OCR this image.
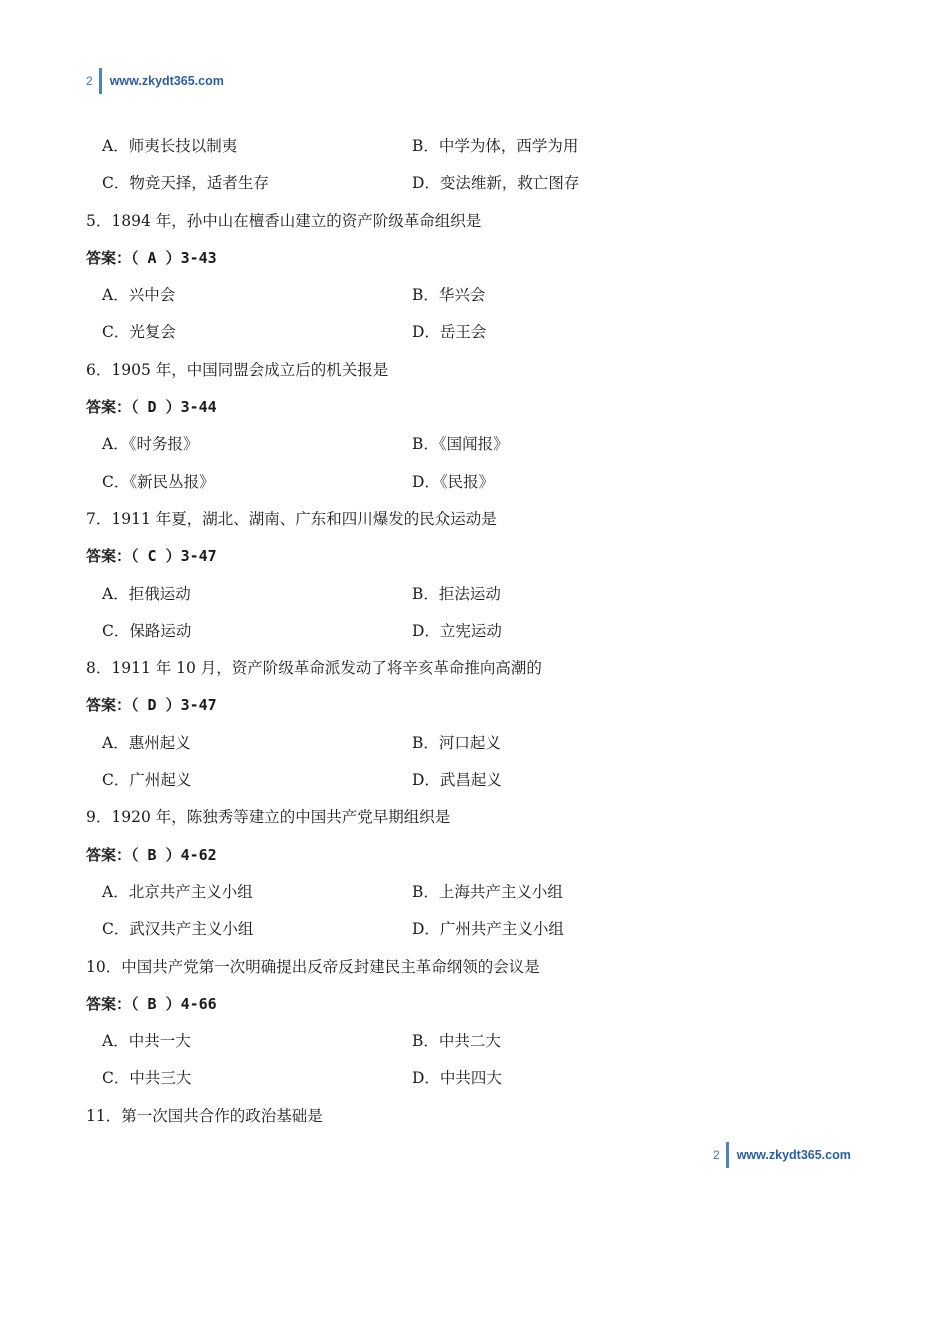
2 www.zkydt365.com
A．师夷长技以制夷	B．中学为体，西学为用
C．物竞天择，适者生存	D．变法维新，救亡图存
5．1894 年，孙中山在檀香山建立的资产阶级革命组织是
答案：（ A ）3-43
A．兴中会	B．华兴会
C．光复会	D．岳王会
6．1905 年，中国同盟会成立后的机关报是
答案：（ D ）3-44
A．《时务报》	B．《国闻报》
C．《新民丛报》	D．《民报》
7．1911 年夏，湖北、湖南、广东和四川爆发的民众运动是
答案：（ C ）3-47
A．拒俄运动	B．拒法运动
C．保路运动	D．立宪运动
8．1911 年 10 月，资产阶级革命派发动了将辛亥革命推向高潮的
答案：（ D ）3-47
A．惠州起义	B．河口起义
C．广州起义	D．武昌起义
9．1920 年，陈独秀等建立的中国共产党早期组织是
答案：（ B ）4-62
A．北京共产主义小组	B．上海共产主义小组
C．武汉共产主义小组	D．广州共产主义小组
10．中国共产党第一次明确提出反帝反封建民主革命纲领的会议是
答案：（ B ）4-66
A．中共一大	B．中共二大
C．中共三大	D．中共四大
11．第一次国共合作的政治基础是
2 www.zkydt365.com
